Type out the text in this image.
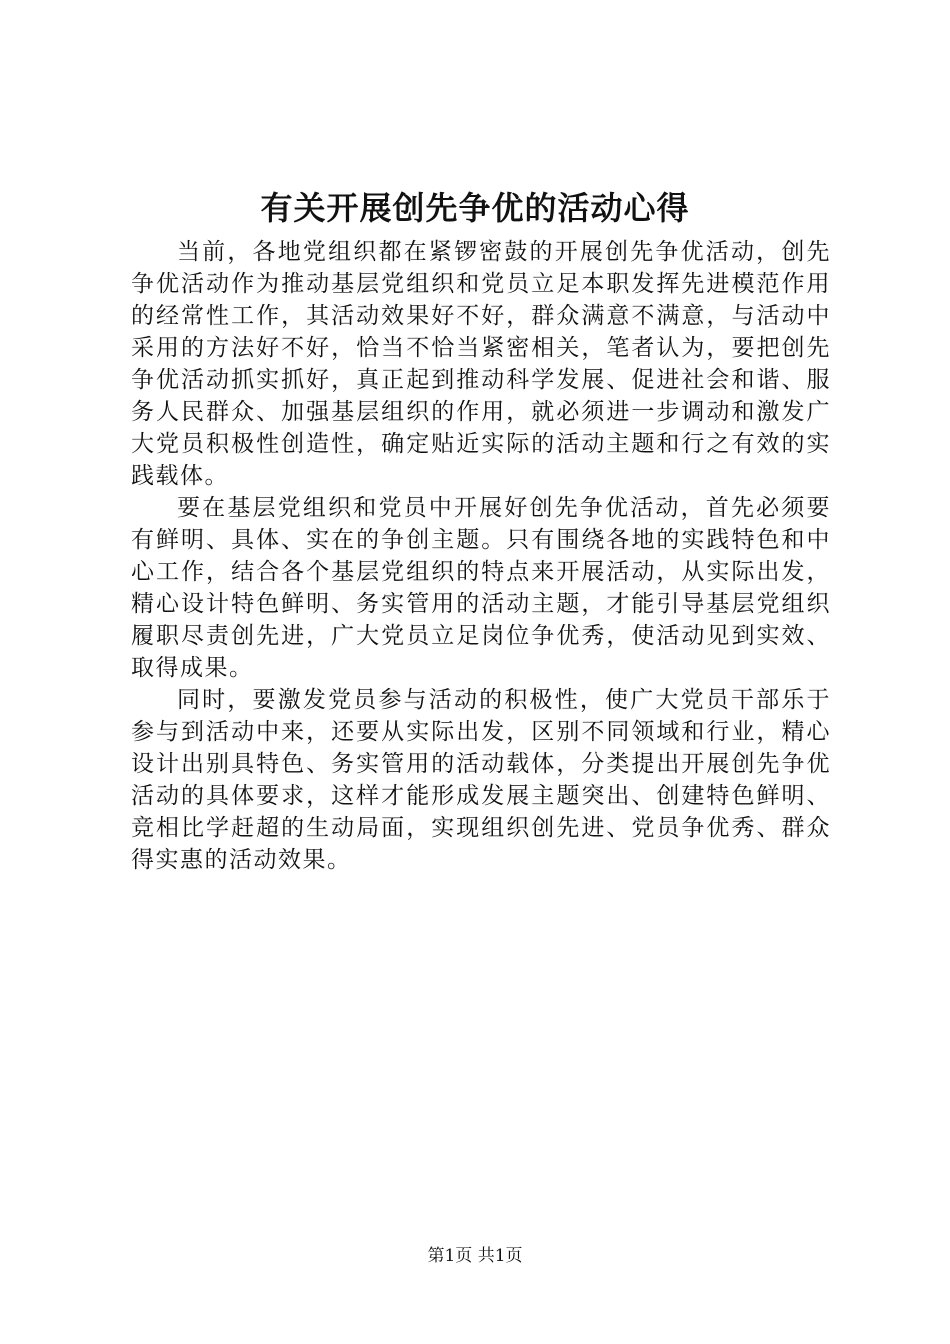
有关开展创先争优的活动心得

当前，各地党组织都在紧锣密鼓的开展创先争优活动，创先争优活动作为推动基层党组织和党员立足本职发挥先进模范作用的经常性工作，其活动效果好不好，群众满意不满意，与活动中采用的方法好不好，恰当不恰当紧密相关，笔者认为，要把创先争优活动抓实抓好，真正起到推动科学发展、促进社会和谐、服务人民群众、加强基层组织的作用，就必须进一步调动和激发广大党员积极性创造性，确定贴近实际的活动主题和行之有效的实践载体。

要在基层党组织和党员中开展好创先争优活动，首先必须要有鲜明、具体、实在的争创主题。只有围绕各地的实践特色和中心工作，结合各个基层党组织的特点来开展活动，从实际出发，精心设计特色鲜明、务实管用的活动主题，才能引导基层党组织履职尽责创先进，广大党员立足岗位争优秀，使活动见到实效、取得成果。

同时，要激发党员参与活动的积极性，使广大党员干部乐于参与到活动中来，还要从实际出发，区别不同领域和行业，精心设计出别具特色、务实管用的活动载体，分类提出开展创先争优活动的具体要求，这样才能形成发展主题突出、创建特色鲜明、竞相比学赶超的生动局面，实现组织创先进、党员争优秀、群众得实惠的活动效果。

第1页 共1页
